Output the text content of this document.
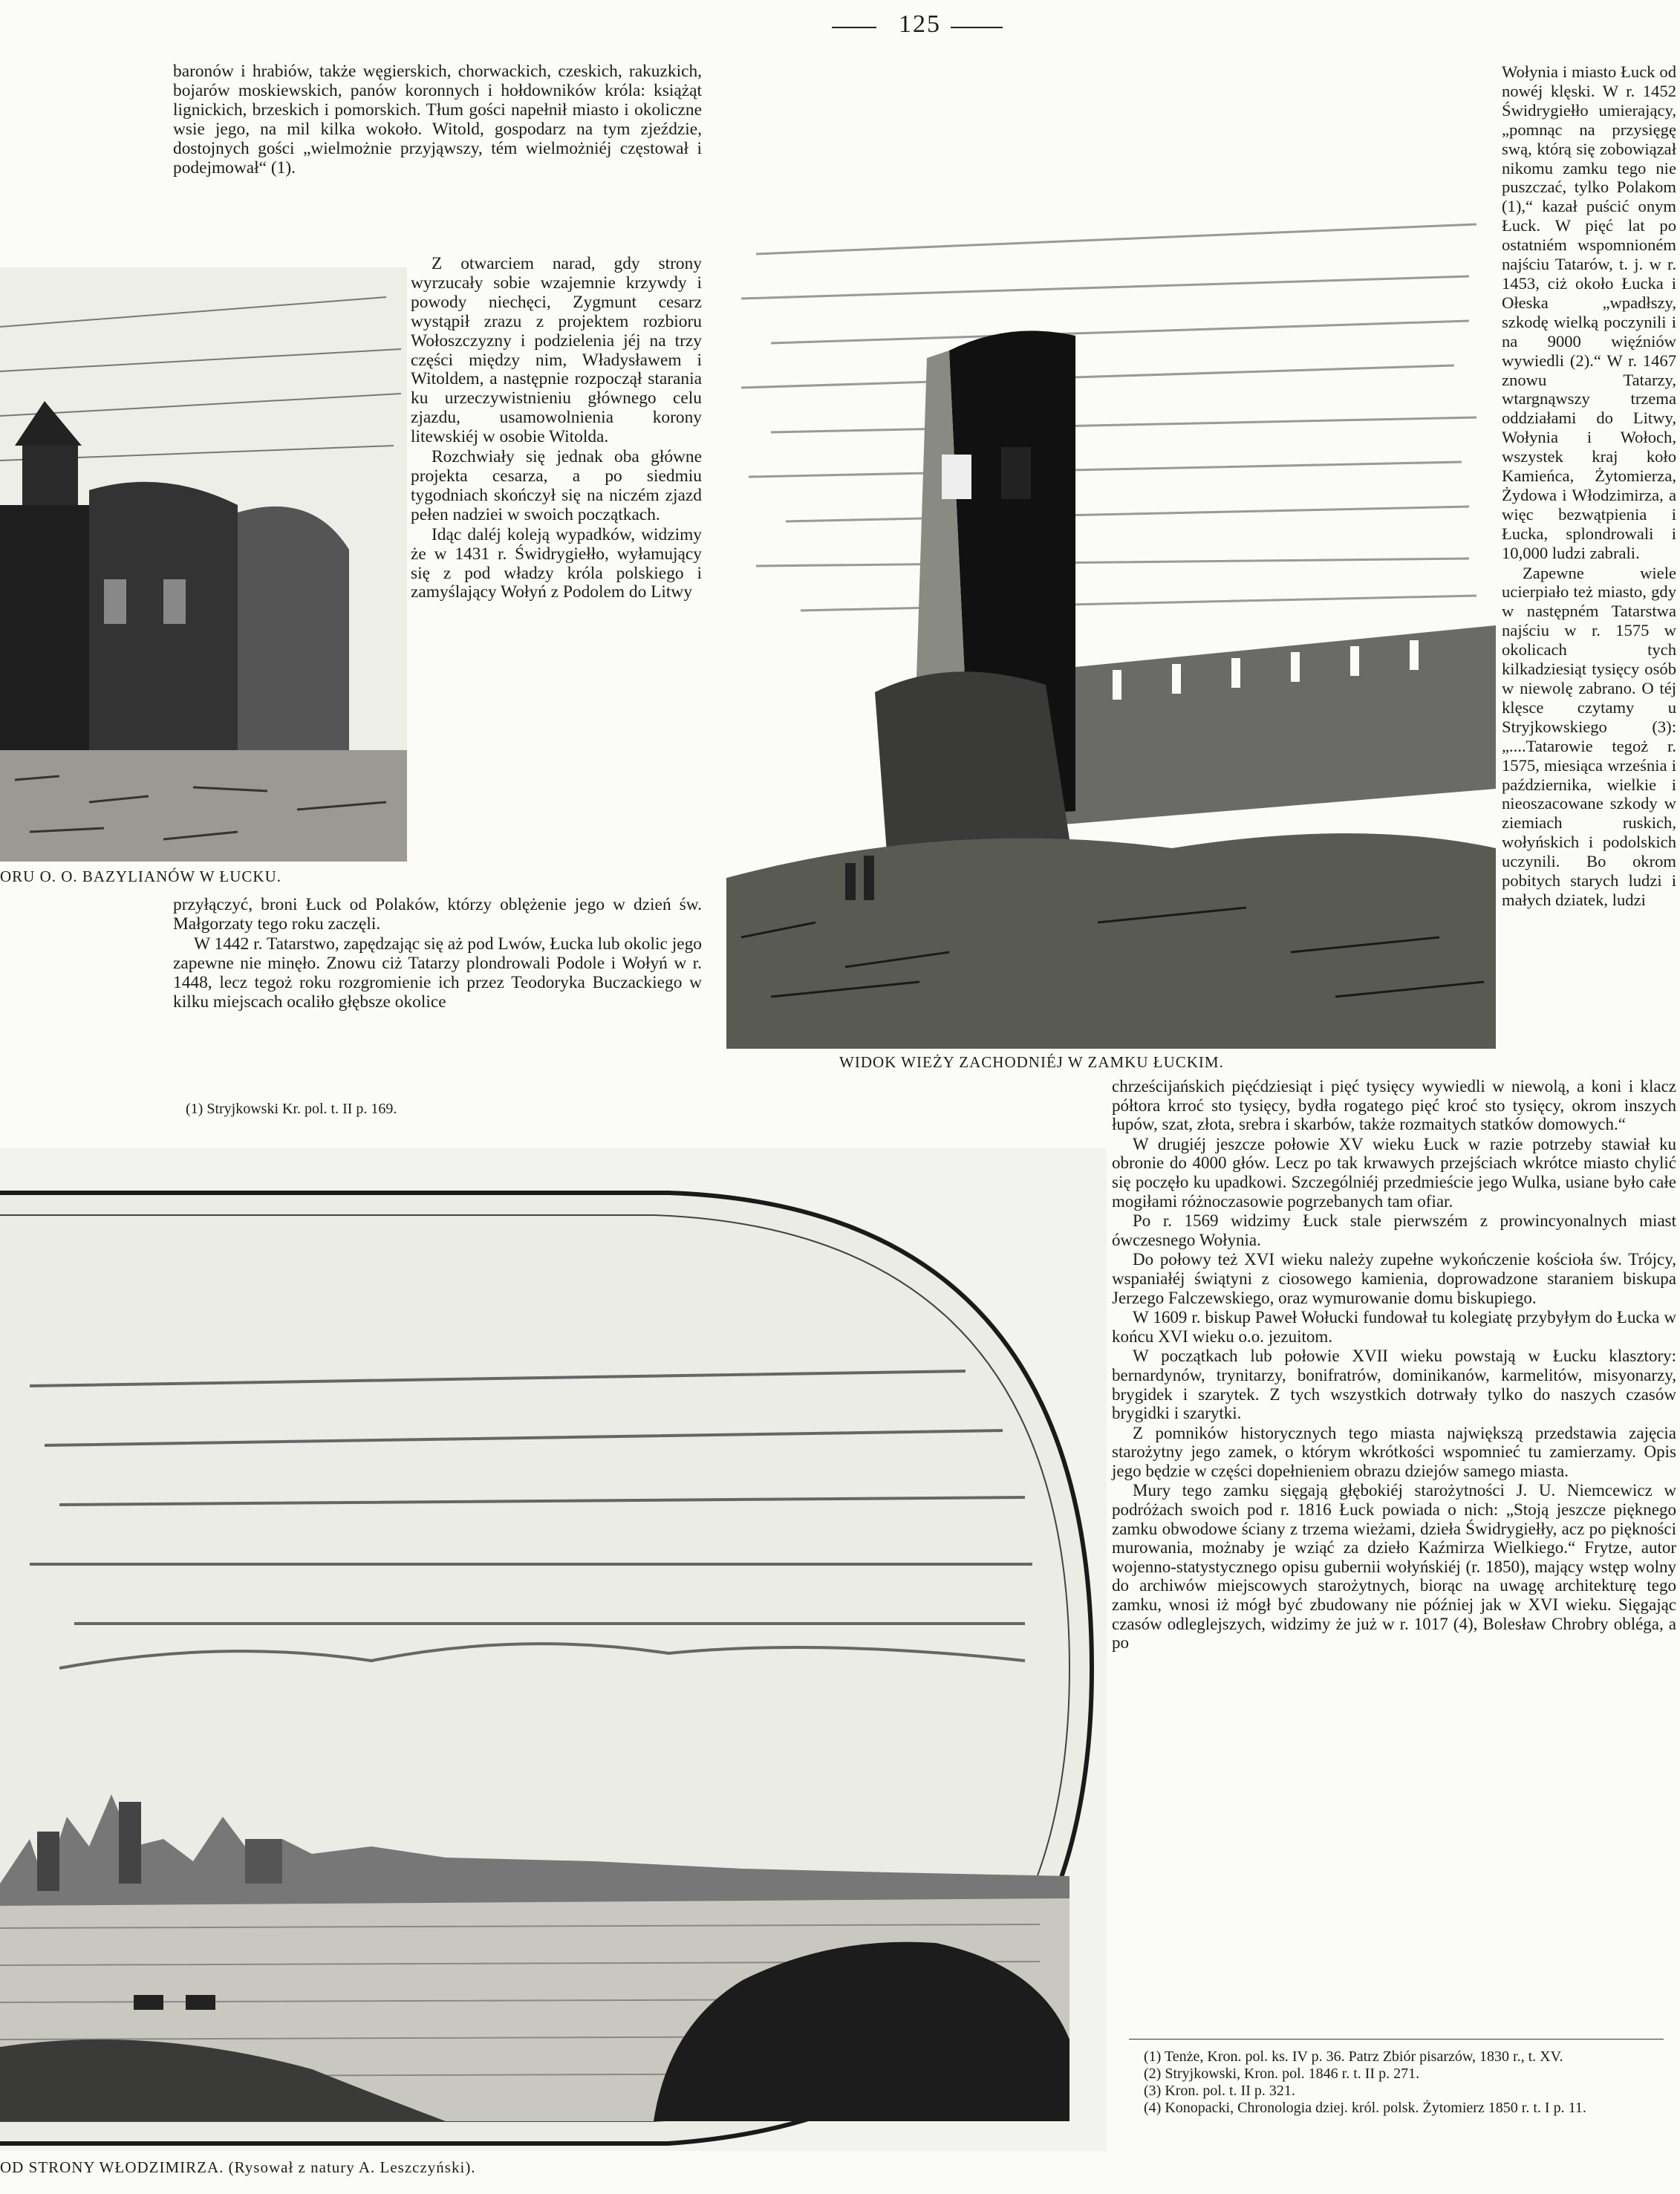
125

baronów i hrabiów, także węgierskich, chorwackich, czeskich, rakuzkich, bojarów moskiewskich, panów koronnych i hołdowników króla: książąt lignickich, brzeskich i pomorskich. Tłum gości napełnił miasto i okoliczne wsie jego, na mil kilka wokoło. Witold, gospodarz na tym zjeździe, dostojnych gości „wielmożnie przyjąwszy, tém wielmożniéj częstował i podejmował“ (1).

ORU O. O. BAZYLIANÓW W ŁUCKU.

Z otwarciem narad, gdy strony wyrzucały sobie wzajemnie krzywdy i powody niechęci, Zygmunt cesarz wystąpił zrazu z projektem rozbioru Wołoszczyzny i podzielenia jéj na trzy części między nim, Władysławem i Witoldem, a następnie rozpoczął starania ku urzeczywistnieniu głównego celu zjazdu, usamowolnienia korony litewskiéj w osobie Witolda.

Rozchwiały się jednak oba główne projekta cesarza, a po siedmiu tygodniach skończył się na niczém zjazd pełen nadziei w swoich początkach.

Idąc daléj koleją wypadków, widzimy że w 1431 r. Świdrygiełło, wyłamujący się z pod władzy króla polskiego i zamyślający Wołyń z Podolem do Litwy

przyłączyć, broni Łuck od Polaków, którzy oblężenie jego w dzień św. Małgorzaty tego roku zaczęli.

W 1442 r. Tatarstwo, zapędzając się aż pod Lwów, Łucka lub okolic jego zapewne nie minęło. Znowu ciż Tatarzy plondrowali Podole i Wołyń w r. 1448, lecz tegoż roku rozgromienie ich przez Teodoryka Buczackiego w kilku miejscach ocaliło głębsze okolice

(1) Stryjkowski Kr. pol. t. II p. 169.
WIDOK WIEŻY ZACHODNIÉJ W ZAMKU ŁUCKIM.

Wołynia i miasto Łuck od nowéj klęski. W r. 1452 Świdrygiełło umierający, „pomnąc na przysięgę swą, którą się zobowiązał nikomu zamku tego nie puszczać, tylko Polakom (1),“ kazał puścić onym Łuck. W pięć lat po ostatniém wspomnioném najściu Tatarów, t. j. w r. 1453, ciż około Łucka i Ołeska „wpadłszy, szkodę wielką poczynili i na 9000 więźniów wywiedli (2).“ W r. 1467 znowu Tatarzy, wtargnąwszy trzema oddziałami do Litwy, Wołynia i Wołoch, wszystek kraj koło Kamieńca, Żytomierza, Żydowa i Włodzimirza, a więc bezwątpienia i Łucka, splondrowali i 10,000 ludzi zabrali.

Zapewne wiele ucierpiało też miasto, gdy w następném Tatarstwa najściu w r. 1575 w okolicach tych kilkadziesiąt tysięcy osób w niewolę zabrano. O téj klęsce czytamy u Stryjkowskiego (3): „....Tatarowie tegoż r. 1575, miesiąca września i października, wielkie i nieoszacowane szkody w ziemiach ruskich, wołyńskich i podolskich uczynili. Bo okrom pobitych starych ludzi i małych dziatek, ludzi

OD STRONY WŁODZIMIRZA. (Rysował z natury A. Leszczyński).

chrześcijańskich pięćdziesiąt i pięć tysięcy wywiedli w niewolą, a koni i klacz półtora krroć sto tysięcy, bydła rogatego pięć kroć sto tysięcy, okrom inszych łupów, szat, złota, srebra i skarbów, także rozmaitych statków domowych.“

W drugiéj jeszcze połowie XV wieku Łuck w razie potrzeby stawiał ku obronie do 4000 głów. Lecz po tak krwawych przejściach wkrótce miasto chylić się poczęło ku upadkowi. Szczególniéj przedmieście jego Wulka, usiane było całe mogiłami różnoczasowie pogrzebanych tam ofiar.

Po r. 1569 widzimy Łuck stale pierwszém z prowincyonalnych miast ówczesnego Wołynia.

Do połowy też XVI wieku należy zupełne wykończenie kościoła św. Trójcy, wspaniałéj świątyni z ciosowego kamienia, doprowadzone staraniem biskupa Jerzego Falczewskiego, oraz wymurowanie domu biskupiego.

W 1609 r. biskup Paweł Wołucki fundował tu kolegiatę przybyłym do Łucka w końcu XVI wieku o.o. jezuitom.

W początkach lub połowie XVII wieku powstają w Łucku klasztory: bernardynów, trynitarzy, bonifratrów, dominikanów, karmelitów, misyonarzy, brygidek i szarytek. Z tych wszystkich dotrwały tylko do naszych czasów brygidki i szarytki.

Z pomników historycznych tego miasta największą przedstawia zajęcia starożytny jego zamek, o którym wkrótkości wspomnieć tu zamierzamy. Opis jego będzie w części dopełnieniem obrazu dziejów samego miasta.

Mury tego zamku sięgają głębokiéj starożytności J. U. Niemcewicz w podróżach swoich pod r. 1816 Łuck powiada o nich: „Stoją jeszcze pięknego zamku obwodowe ściany z trzema wieżami, dzieła Świdrygiełły, acz po piękności murowania, możnaby je wziąć za dzieło Kaźmirza Wielkiego.“ Frytze, autor wojenno-statystycznego opisu gubernii wołyńskiéj (r. 1850), mający wstęp wolny do archiwów miejscowych starożytnych, biorąc na uwagę architekturę tego zamku, wnosi iż mógł być zbudowany nie później jak w XVI wieku. Sięgając czasów odleglejszych, widzimy że już w r. 1017 (4), Bolesław Chrobry obléga, a po

(1) Tenże, Kron. pol. ks. IV p. 36. Patrz Zbiór pisarzów, 1830 r., t. XV.
(2) Stryjkowski, Kron. pol. 1846 r. t. II p. 271.
(3) Kron. pol. t. II p. 321.
(4) Konopacki, Chronologia dziej. król. polsk. Żytomierz 1850 r. t. I p. 11.
